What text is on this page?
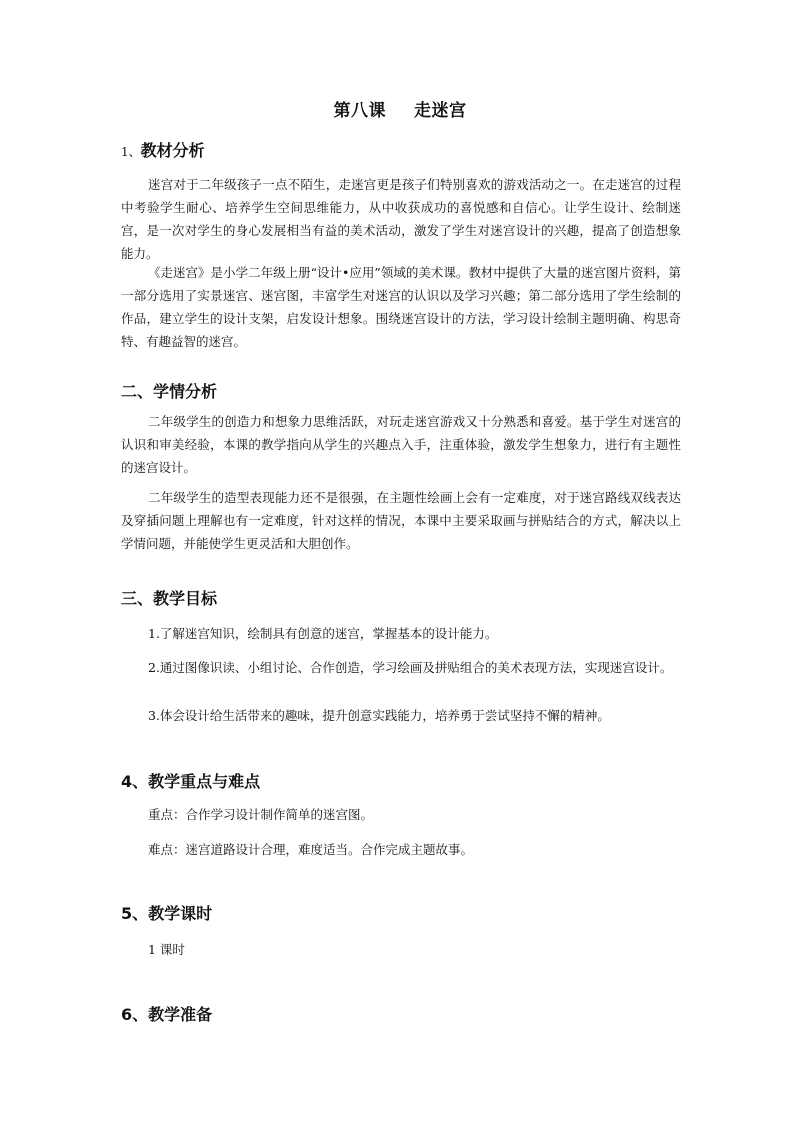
第八课 走迷宫
1、教材分析

迷宫对于二年级孩子一点不陌生，走迷宫更是孩子们特别喜欢的游戏活动之一。在走迷宫的过程中考验学生耐心、培养学生空间思维能力，从中收获成功的喜悦感和自信心。让学生设计、绘制迷宫，是一次对学生的身心发展相当有益的美术活动，激发了学生对迷宫设计的兴趣，提高了创造想象能力。

《走迷宫》是小学二年级上册“设计•应用”领域的美术课。教材中提供了大量的迷宫图片资料，第一部分选用了实景迷宫、迷宫图，丰富学生对迷宫的认识以及学习兴趣；第二部分选用了学生绘制的作品，建立学生的设计支架，启发设计想象。围绕迷宫设计的方法，学习设计绘制主题明确、构思奇特、有趣益智的迷宫。

二、学情分析

二年级学生的创造力和想象力思维活跃，对玩走迷宫游戏又十分熟悉和喜爱。基于学生对迷宫的认识和审美经验，本课的教学指向从学生的兴趣点入手，注重体验，激发学生想象力，进行有主题性的迷宫设计。

二年级学生的造型表现能力还不是很强，在主题性绘画上会有一定难度，对于迷宫路线双线表达及穿插问题上理解也有一定难度，针对这样的情况，本课中主要采取画与拼贴结合的方式，解决以上学情问题，并能使学生更灵活和大胆创作。

三、教学目标

1.了解迷宫知识，绘制具有创意的迷宫，掌握基本的设计能力。

2.通过图像识读、小组讨论、合作创造，学习绘画及拼贴组合的美术表现方法，实现迷宫设计。

3.体会设计给生活带来的趣味，提升创意实践能力，培养勇于尝试坚持不懈的精神。

4、教学重点与难点
重点：合作学习设计制作简单的迷宫图。
难点：迷宫道路设计合理，难度适当。合作完成主题故事。
5、教学课时
1 课时
6、教学准备
